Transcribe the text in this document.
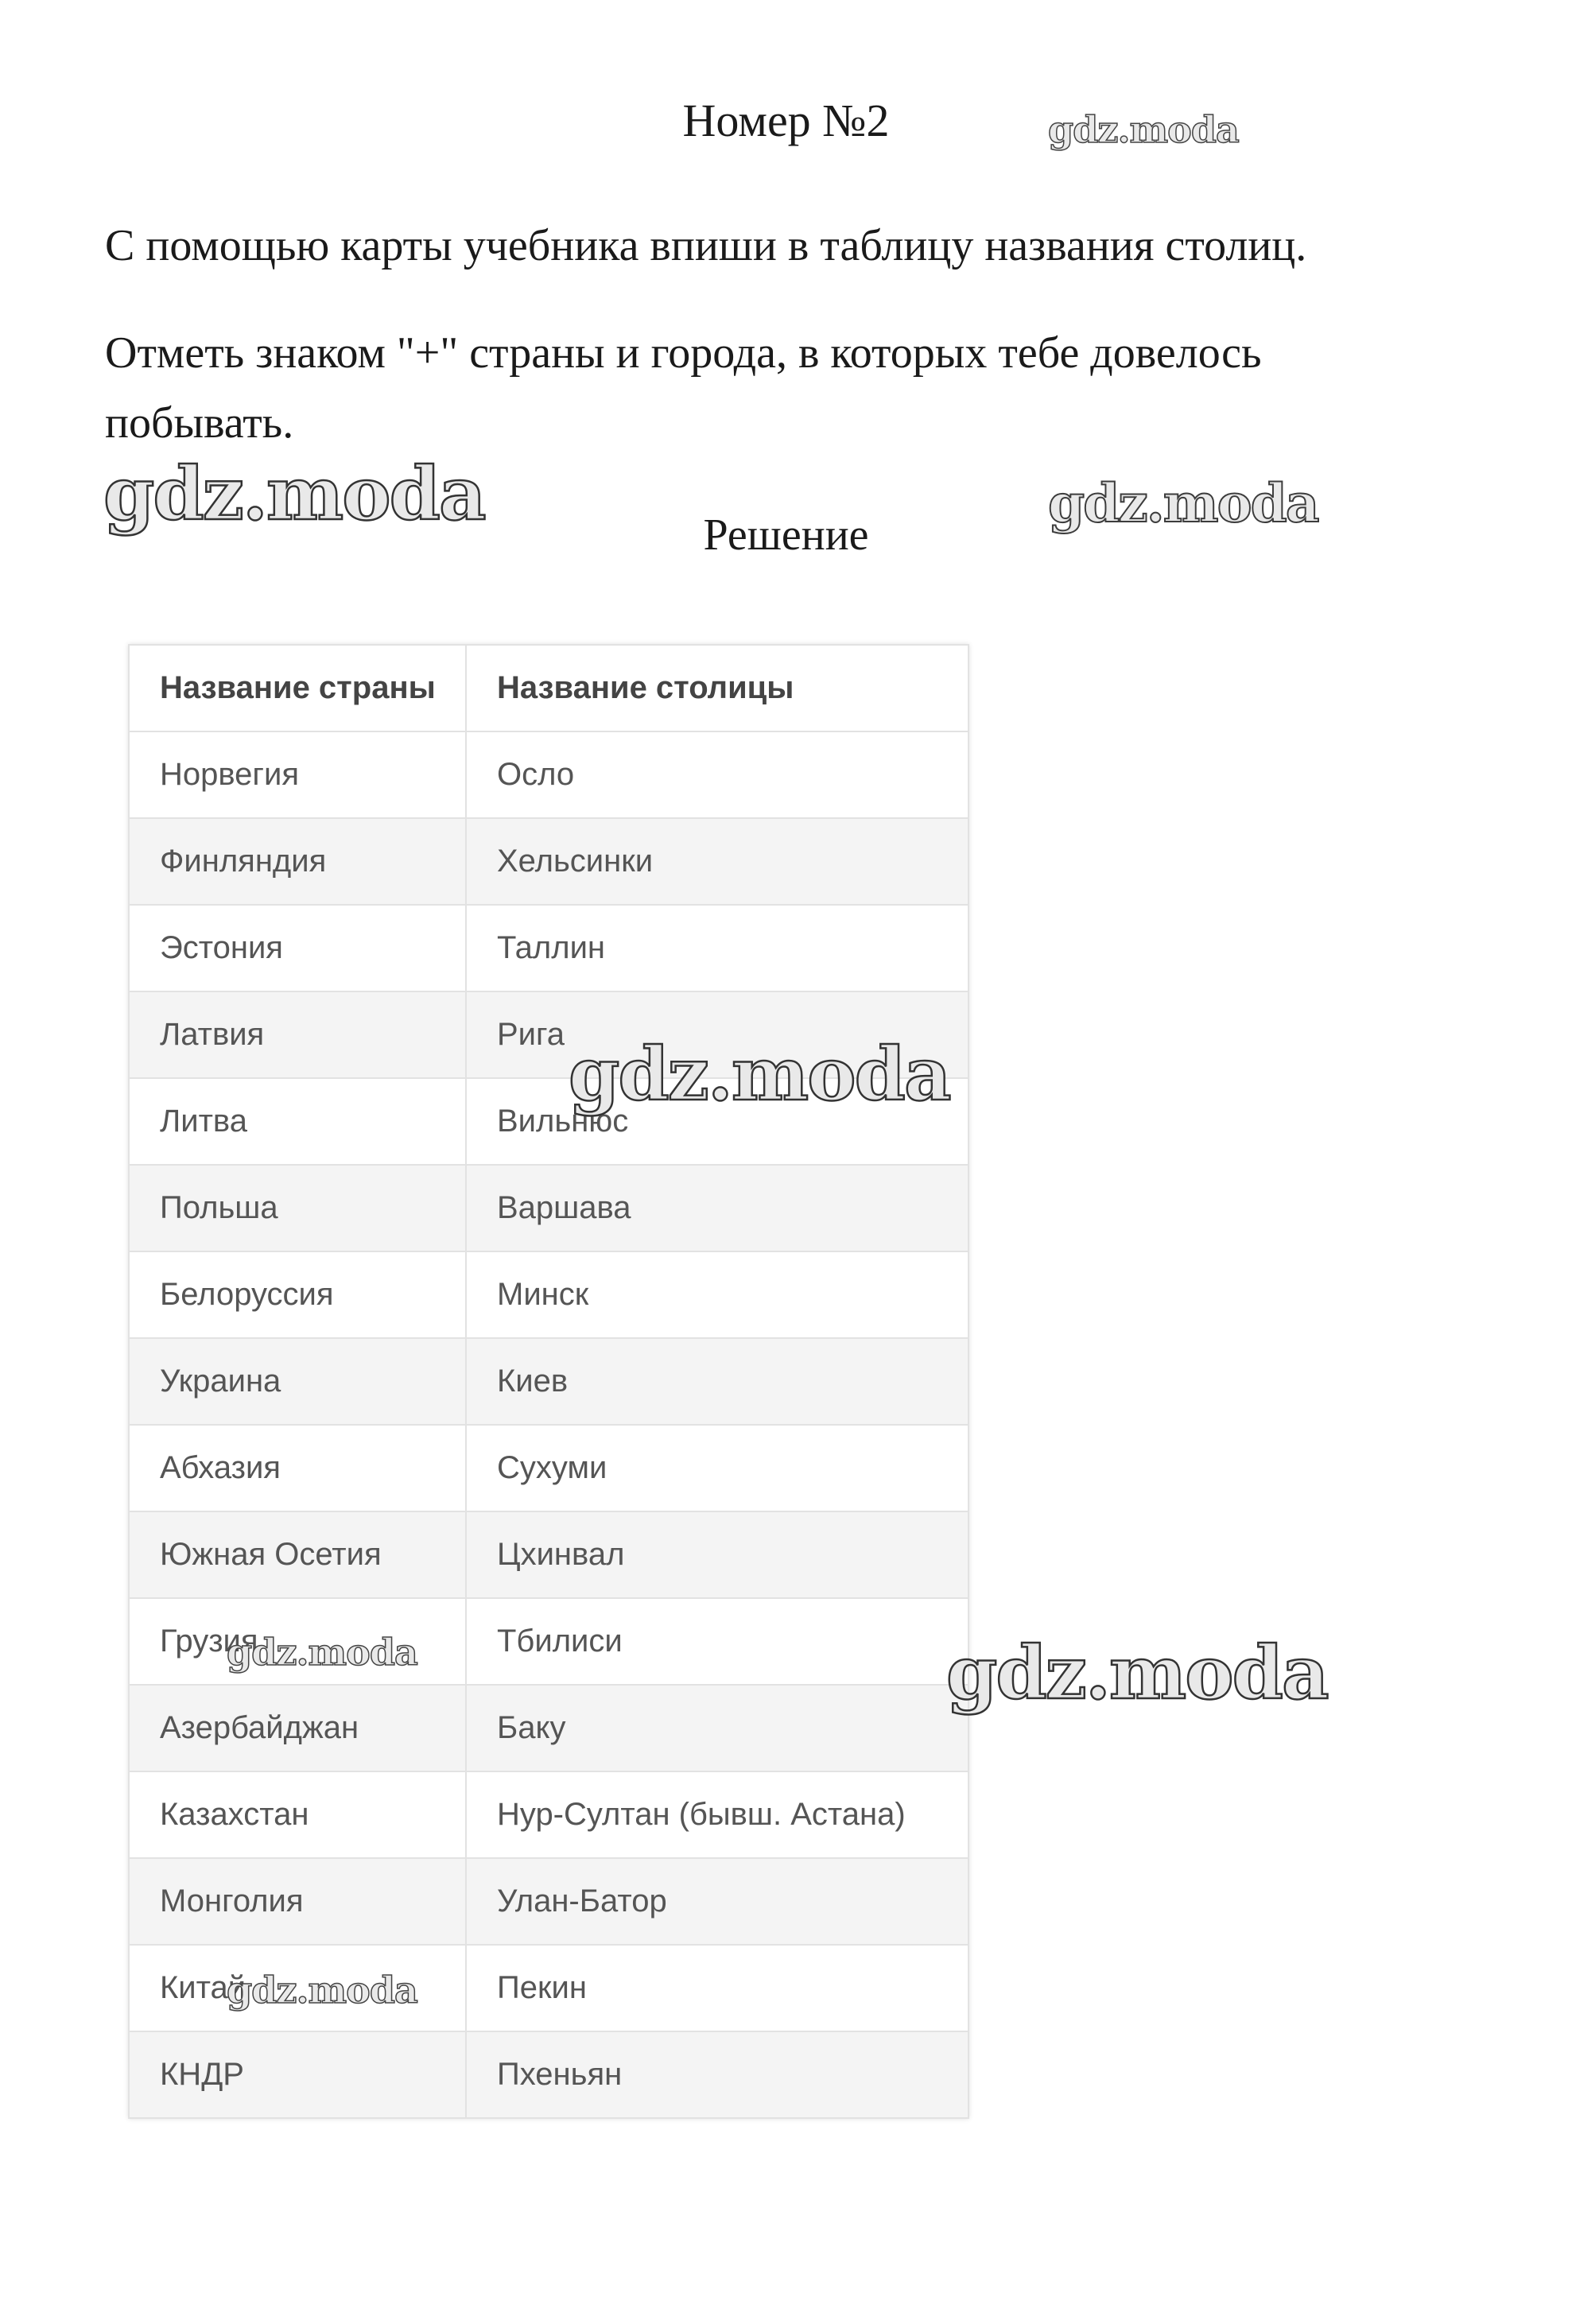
Номер №2
С помощью карты учебника впиши в таблицу названия столиц.
Отметь знаком "+" страны и города, в которых тебе довелось побывать.
Решение
Название страны	Название столицы
Норвегия	Осло
Финляндия	Хельсинки
Эстония	Таллин
Латвия	Рига
Литва	Вильнюс
Польша	Варшава
Белоруссия	Минск
Украина	Киев
Абхазия	Сухуми
Южная Осетия	Цхинвал
Грузия	Тбилиси
Азербайджан	Баку
Казахстан	Нур-Султан (бывш. Астана)
Монголия	Улан-Батор
Китай	Пекин
КНДР	Пхеньян
gdz.moda
gdz.moda	gdz.moda
gdz.moda
gdz.moda	gdz.moda
gdz.moda
